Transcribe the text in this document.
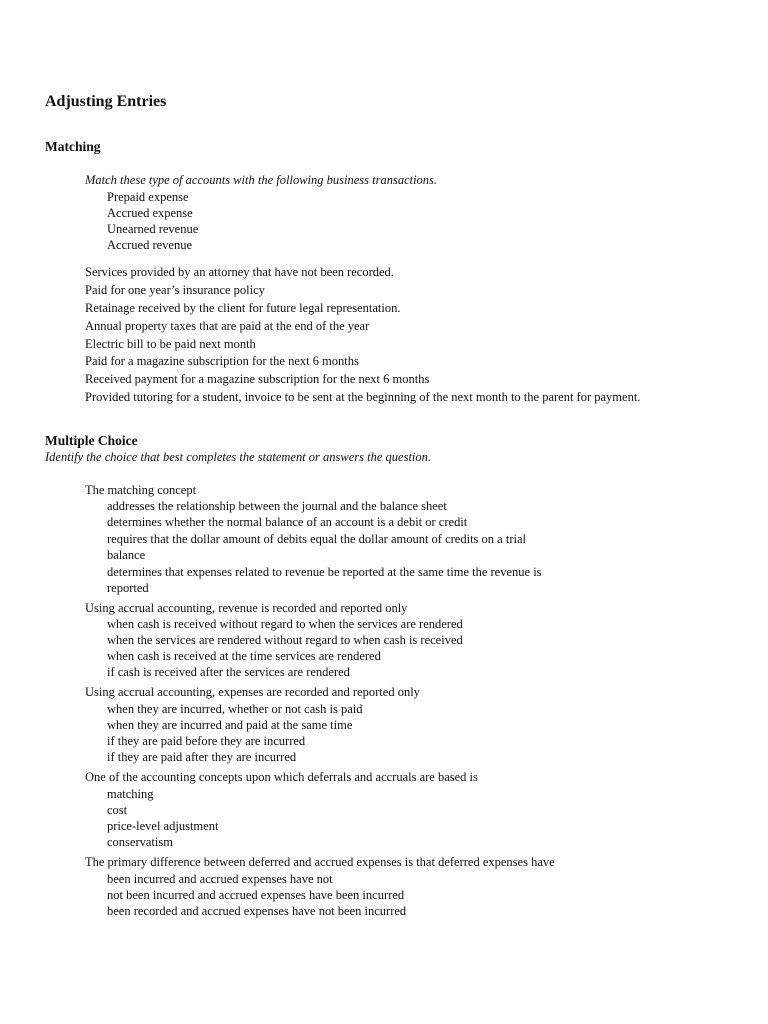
Adjusting Entries
Matching
Match these type of accounts with the following business transactions.
Prepaid expense
Accrued expense
Unearned revenue
Accrued revenue
Services provided by an attorney that have not been recorded.
Paid for one year’s insurance policy
Retainage received by the client for future legal representation.
Annual property taxes that are paid at the end of the year
Electric bill to be paid next month
Paid for a magazine subscription for the next 6 months
Received payment for a magazine subscription for the next 6 months
Provided tutoring for a student, invoice to be sent at the beginning of the next month to the parent for payment.
Multiple Choice
Identify the choice that best completes the statement or answers the question.
The matching concept
addresses the relationship between the journal and the balance sheet
determines whether the normal balance of an account is a debit or credit
requires that the dollar amount of debits equal the dollar amount of credits on a trial
balance
determines that expenses related to revenue be reported at the same time the revenue is
reported
Using accrual accounting, revenue is recorded and reported only
when cash is received without regard to when the services are rendered
when the services are rendered without regard to when cash is received
when cash is received at the time services are rendered
if cash is received after the services are rendered
Using accrual accounting, expenses are recorded and reported only
when they are incurred, whether or not cash is paid
when they are incurred and paid at the same time
if they are paid before they are incurred
if they are paid after they are incurred
One of the accounting concepts upon which deferrals and accruals are based is
matching
cost
price-level adjustment
conservatism
The primary difference between deferred and accrued expenses is that deferred expenses have
been incurred and accrued expenses have not
not been incurred and accrued expenses have been incurred
been recorded and accrued expenses have not been incurred
